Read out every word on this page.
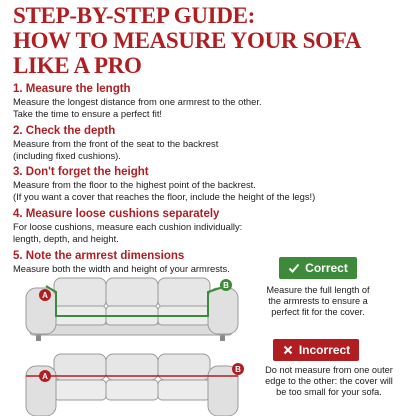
STEP-BY-STEP GUIDE:
HOW TO MEASURE YOUR SOFA
LIKE A PRO
1. Measure the length
Measure the longest distance from one armrest to the other.
Take the time to ensure a perfect fit!
2. Check the depth
Measure from the front of the seat to the backrest
(including fixed cushions).
3. Don't forget the height
Measure from the floor to the highest point of the backrest.
(If you want a cover that reaches the floor, include the height of the legs!)
4. Measure loose cushions separately
For loose cushions, measure each cushion individually:
length, depth, and height.
5. Note the armrest dimensions
Measure both the width and height of your armrests.
A
B
A
B
Correct
Measure the full length of
the armrests to ensure a
perfect fit for the cover.
Incorrect
Do not measure from one outer
edge to the other: the cover will
be too small for your sofa.
